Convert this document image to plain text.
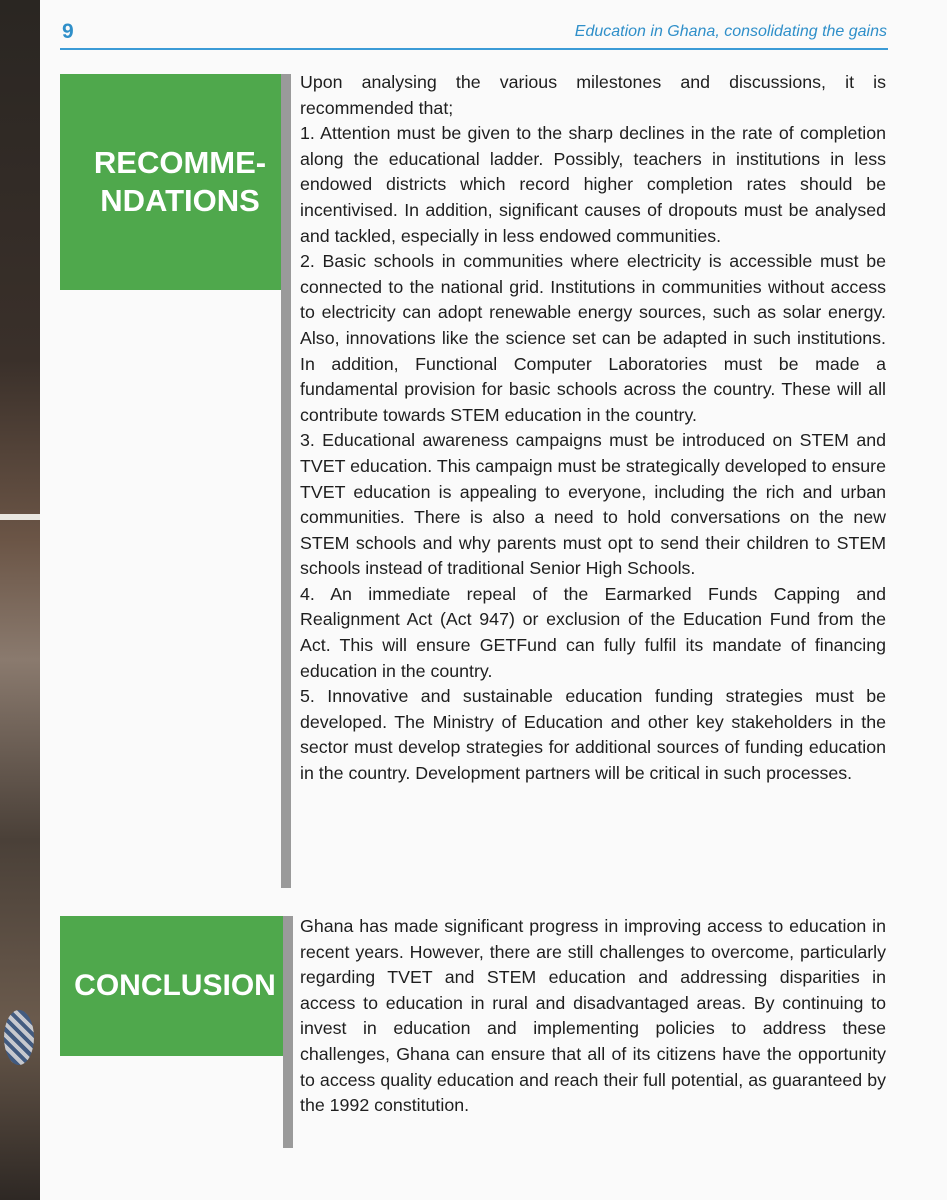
9	Education in Ghana, consolidating the gains
RECOMME-
NDATIONS

Upon analysing the various milestones and discussions, it is recommended that;

1. Attention must be given to the sharp declines in the rate of completion along the educational ladder. Possibly, teachers in institutions in less endowed districts which record higher completion rates should be incentivised. In addition, significant causes of dropouts must be analysed and tackled, especially in less endowed communities.

2. Basic schools in communities where electricity is accessible must be connected to the national grid. Institutions in communities without access to electricity can adopt renewable energy sources, such as solar energy. Also, innovations like the science set can be adapted in such institutions. In addition, Functional Computer Laboratories must be made a fundamental provision for basic schools across the country. These will all contribute towards STEM education in the country.

3. Educational awareness campaigns must be introduced on STEM and TVET education. This campaign must be strategically developed to ensure TVET education is appealing to everyone, including the rich and urban communities. There is also a need to hold conversations on the new STEM schools and why parents must opt to send their children to STEM schools instead of traditional Senior High Schools.

4. An immediate repeal of the Earmarked Funds Capping and Realignment Act (Act 947) or exclusion of the Education Fund from the Act. This will ensure GETFund can fully fulfil its mandate of financing education in the country.

5. Innovative and sustainable education funding strategies must be developed. The Ministry of Education and other key stakeholders in the sector must develop strategies for additional sources of funding education in the country. Development partners will be critical in such processes.

CONCLUSION

Ghana has made significant progress in improving access to education in recent years. However, there are still challenges to overcome, particularly regarding TVET and STEM education and addressing disparities in access to education in rural and disadvantaged areas. By continuing to invest in education and implementing policies to address these challenges, Ghana can ensure that all of its citizens have the opportunity to access quality education and reach their full potential, as guaranteed by the 1992 constitution.
